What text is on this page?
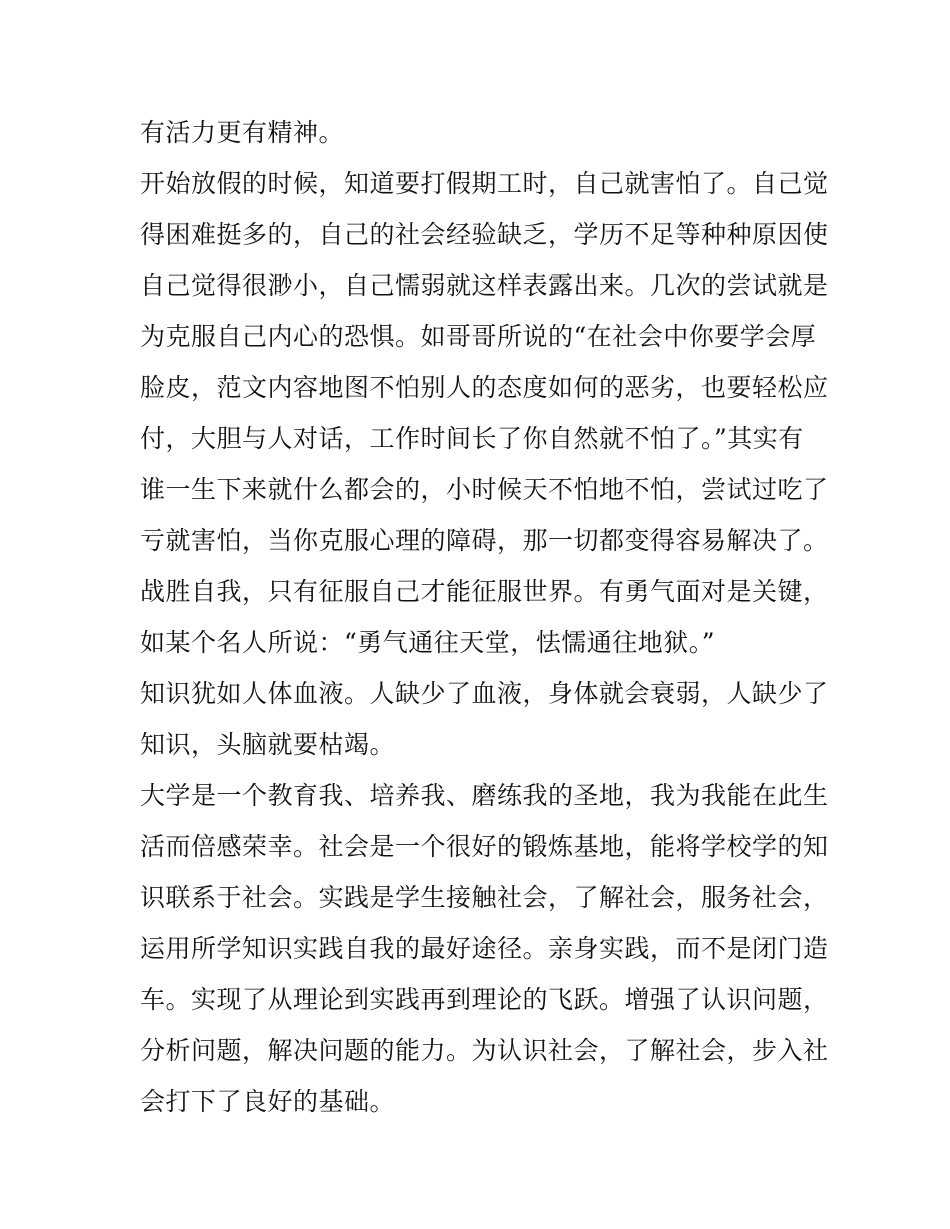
有活力更有精神。
开始放假的时候，知道要打假期工时，自己就害怕了。自己觉
得困难挺多的，自己的社会经验缺乏，学历不足等种种原因使
自己觉得很渺小，自己懦弱就这样表露出来。几次的尝试就是
为克服自己内心的恐惧。如哥哥所说的“在社会中你要学会厚
脸皮，范文内容地图不怕别人的态度如何的恶劣，也要轻松应
付，大胆与人对话，工作时间长了你自然就不怕了。”其实有
谁一生下来就什么都会的，小时候天不怕地不怕，尝试过吃了
亏就害怕，当你克服心理的障碍，那一切都变得容易解决了。
战胜自我，只有征服自己才能征服世界。有勇气面对是关键，
如某个名人所说：“勇气通往天堂，怯懦通往地狱。”
知识犹如人体血液。人缺少了血液，身体就会衰弱，人缺少了
知识，头脑就要枯竭。
大学是一个教育我、培养我、磨练我的圣地，我为我能在此生
活而倍感荣幸。社会是一个很好的锻炼基地，能将学校学的知
识联系于社会。实践是学生接触社会，了解社会，服务社会，
运用所学知识实践自我的最好途径。亲身实践，而不是闭门造
车。实现了从理论到实践再到理论的飞跃。增强了认识问题，
分析问题，解决问题的能力。为认识社会，了解社会，步入社
会打下了良好的基础。
